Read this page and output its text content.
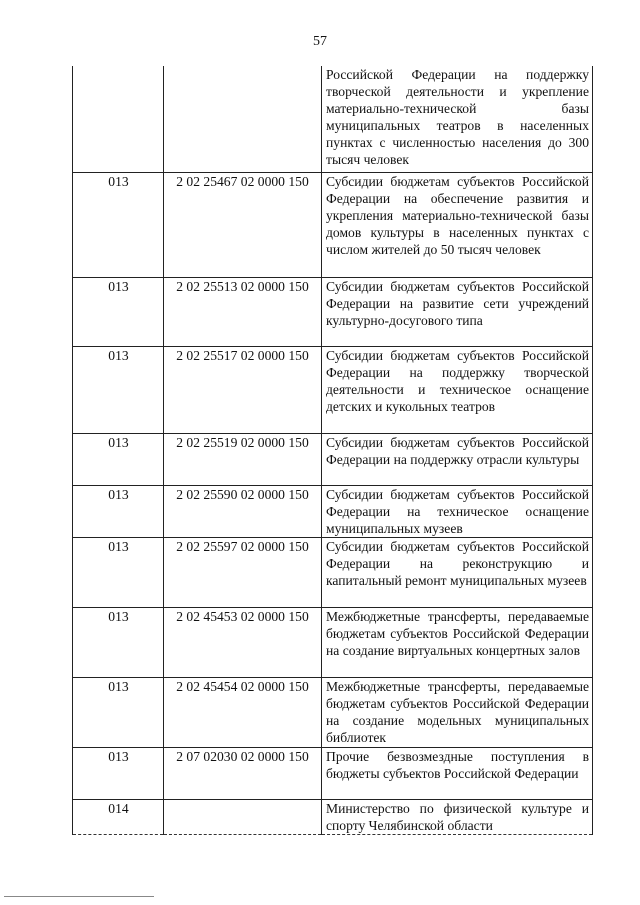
57
		Российской Федерации на поддержку творческой деятельности и укрепление материально-технической базы муниципальных театров в населенных пунктах с численностью населения до 300 тысяч человек
013	2 02 25467 02 0000 150	Субсидии бюджетам субъектов Российской Федерации на обеспечение развития и укрепления материально-технической базы домов культуры в населенных пунктах с числом жителей до 50 тысяч человек
013	2 02 25513 02 0000 150	Субсидии бюджетам субъектов Российской Федерации на развитие сети учреждений культурно-досугового типа
013	2 02 25517 02 0000 150	Субсидии бюджетам субъектов Российской Федерации на поддержку творческой деятельности и техническое оснащение детских и кукольных театров
013	2 02 25519 02 0000 150	Субсидии бюджетам субъектов Российской Федерации на поддержку отрасли культуры
013	2 02 25590 02 0000 150	Субсидии бюджетам субъектов Российской Федерации на техническое оснащение муниципальных музеев
013	2 02 25597 02 0000 150	Субсидии бюджетам субъектов Российской Федерации на реконструкцию и капитальный ремонт муниципальных музеев
013	2 02 45453 02 0000 150	Межбюджетные трансферты, передаваемые бюджетам субъектов Российской Федерации на создание виртуальных концертных залов
013	2 02 45454 02 0000 150	Межбюджетные трансферты, передаваемые бюджетам субъектов Российской Федерации на создание модельных муниципальных библиотек
013	2 07 02030 02 0000 150	Прочие безвозмездные поступления в бюджеты субъектов Российской Федерации
014		Министерство по физической культуре и спорту Челябинской области
